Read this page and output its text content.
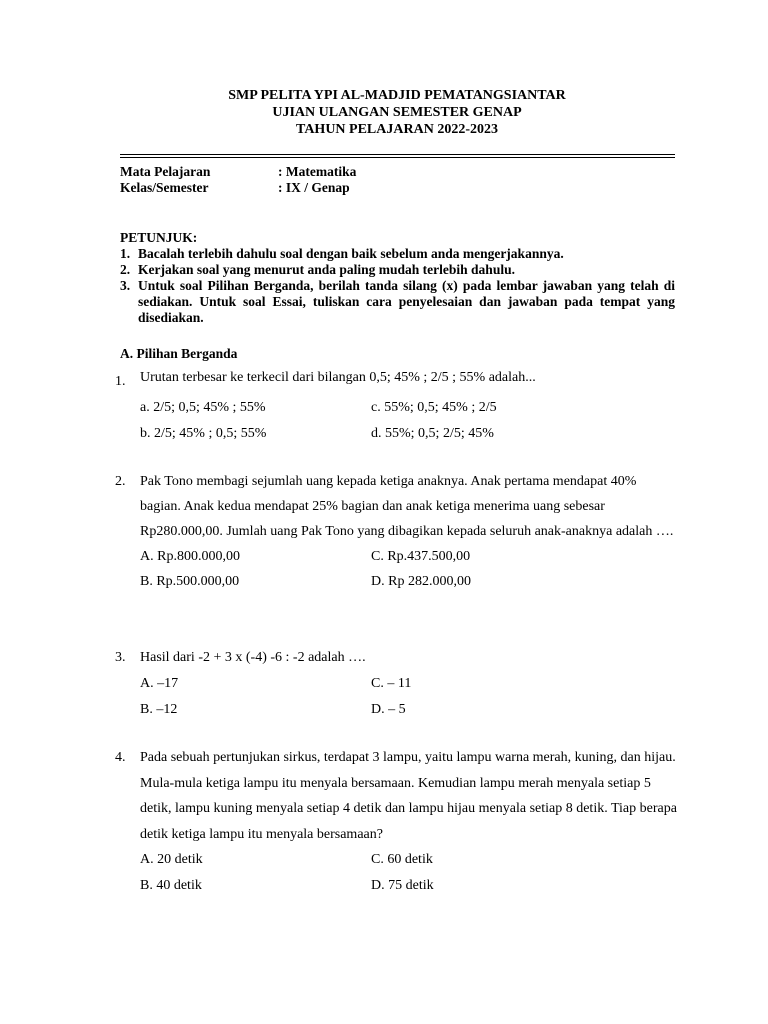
SMP PELITA YPI AL-MADJID PEMATANGSIANTAR
UJIAN ULANGAN SEMESTER GENAP
TAHUN PELAJARAN 2022-2023
Mata Pelajaran	: Matematika
Kelas/Semester	: IX / Genap
PETUNJUK:
1. Bacalah terlebih dahulu soal dengan baik sebelum anda mengerjakannya.
2. Kerjakan soal yang menurut anda paling mudah terlebih dahulu.
3. Untuk soal Pilihan Berganda, berilah tanda silang (x) pada lembar jawaban yang telah di sediakan. Untuk soal Essai, tuliskan cara penyelesaian dan jawaban pada tempat yang disediakan.
A. Pilihan Berganda
1.	Urutan terbesar ke terkecil dari bilangan 0,5; 45% ; 2/5 ; 55% adalah...
a. 2/5; 0,5; 45% ; 55%	c. 55%; 0,5; 45% ; 2/5
b. 2/5; 45% ; 0,5; 55%	d. 55%; 0,5; 2/5; 45%
2.	Pak Tono membagi sejumlah uang kepada ketiga anaknya. Anak pertama mendapat 40% bagian. Anak kedua mendapat 25% bagian dan anak ketiga menerima uang sebesar Rp280.000,00. Jumlah uang Pak Tono yang dibagikan kepada seluruh anak-anaknya adalah ….
A. Rp.800.000,00	C. Rp.437.500,00
B. Rp.500.000,00	D. Rp 282.000,00
3.	Hasil dari -2 + 3 x (-4) -6 : -2 adalah ….
A. –17	C. – 11
B. –12	D. – 5
4.	Pada sebuah pertunjukan sirkus, terdapat 3 lampu, yaitu lampu warna merah, kuning, dan hijau. Mula-mula ketiga lampu itu menyala bersamaan. Kemudian lampu merah menyala setiap 5 detik, lampu kuning menyala setiap 4 detik dan lampu hijau menyala setiap 8 detik. Tiap berapa detik ketiga lampu itu menyala bersamaan?
A. 20 detik	C. 60 detik
B. 40 detik	D. 75 detik
